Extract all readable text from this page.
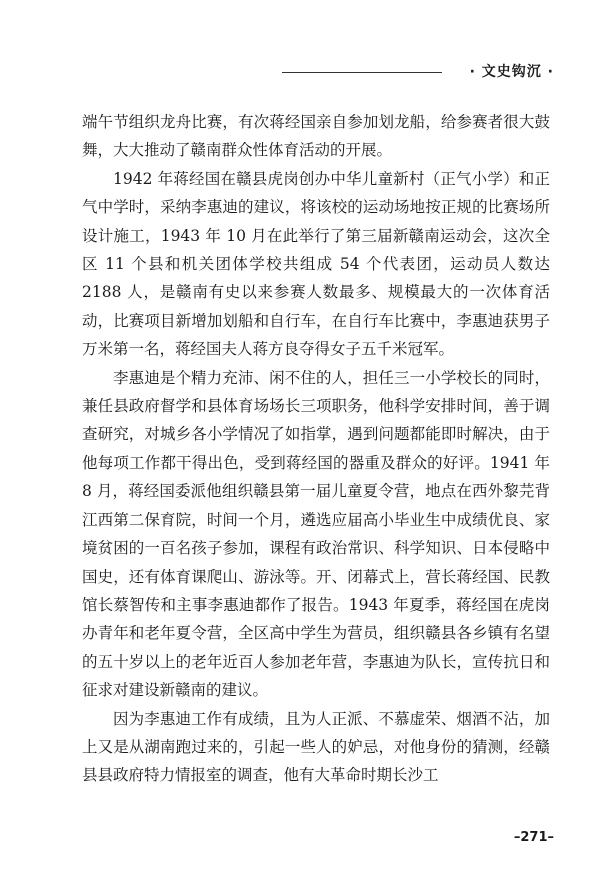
· 文史钩沉 ·

端午节组织龙舟比赛，有次蒋经国亲自参加划龙船，给参赛者很大鼓舞，大大推动了赣南群众性体育活动的开展。

1942 年蒋经国在赣县虎岗创办中华儿童新村（正气小学）和正气中学时，采纳李惠迪的建议，将该校的运动场地按正规的比赛场所设计施工，1943 年 10 月在此举行了第三届新赣南运动会，这次全区 11 个县和机关团体学校共组成 54 个代表团，运动员人数达 2188 人，是赣南有史以来参赛人数最多、规模最大的一次体育活动，比赛项目新增加划船和自行车，在自行车比赛中，李惠迪获男子万米第一名，蒋经国夫人蒋方良夺得女子五千米冠军。

李惠迪是个精力充沛、闲不住的人，担任三一小学校长的同时，兼任县政府督学和县体育场场长三项职务，他科学安排时间，善于调查研究，对城乡各小学情况了如指掌，遇到问题都能即时解决，由于他每项工作都干得出色，受到蒋经国的器重及群众的好评。1941 年 8 月，蒋经国委派他组织赣县第一届儿童夏令营，地点在西外黎芫背江西第二保育院，时间一个月，遴选应届高小毕业生中成绩优良、家境贫困的一百名孩子参加，课程有政治常识、科学知识、日本侵略中国史，还有体育课爬山、游泳等。开、闭幕式上，营长蒋经国、民教馆长蔡智传和主事李惠迪都作了报告。1943 年夏季，蒋经国在虎岗办青年和老年夏令营，全区高中学生为营员，组织赣县各乡镇有名望的五十岁以上的老年近百人参加老年营，李惠迪为队长，宣传抗日和征求对建设新赣南的建议。

因为李惠迪工作有成绩，且为人正派、不慕虚荣、烟酒不沾，加上又是从湖南跑过来的，引起一些人的妒忌，对他身份的猜测，经赣县县政府特力情报室的调查，他有大革命时期长沙工

–271–
